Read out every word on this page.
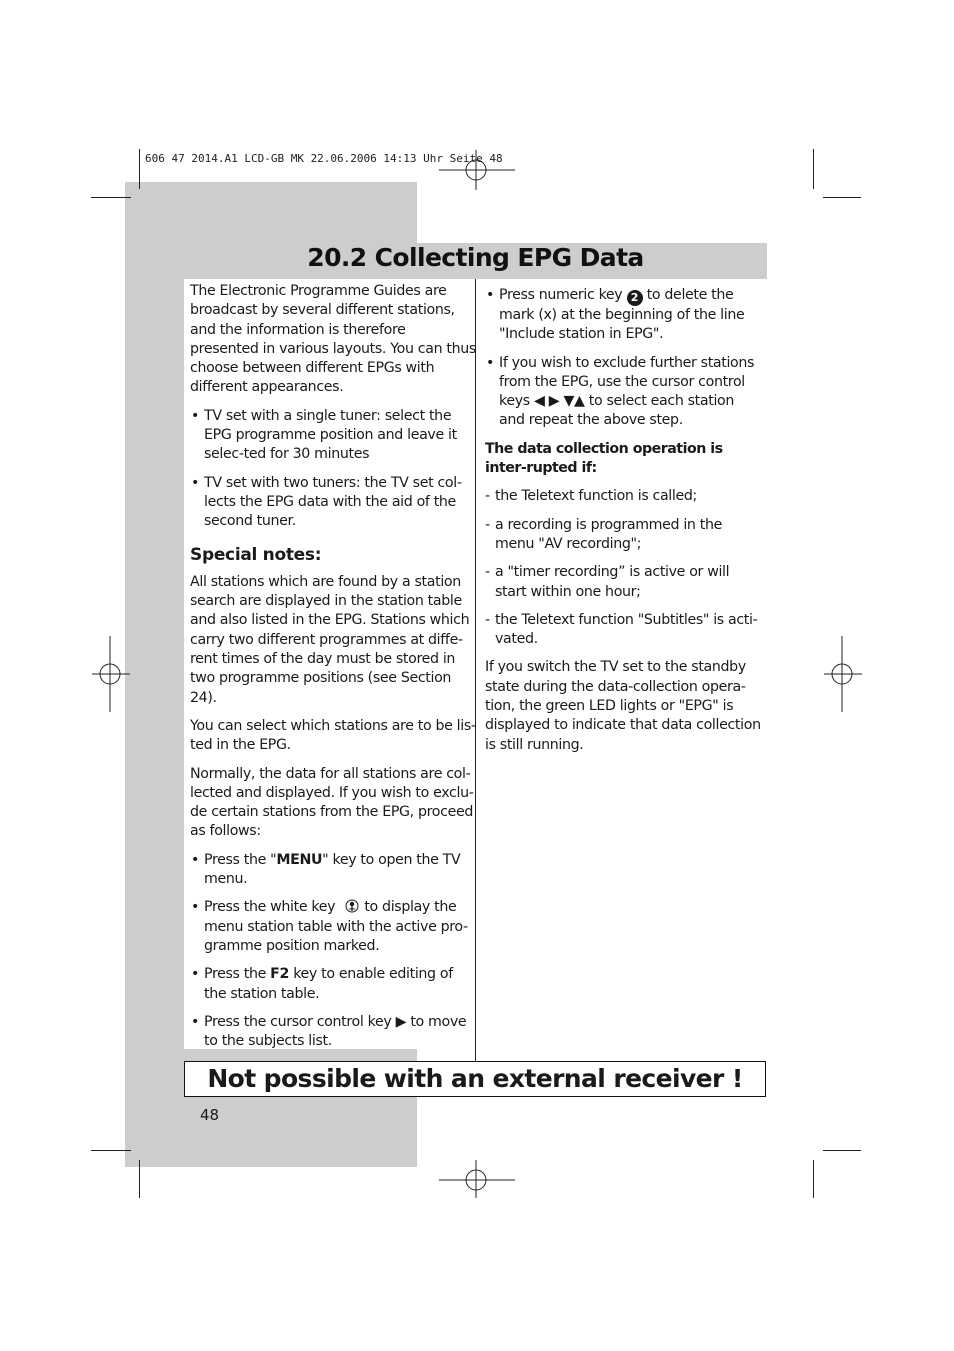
606 47 2014.A1 LCD-GB MK 22.06.2006 14:13 Uhr Seite 48
20.2 Collecting EPG Data

The Electronic Programme Guides are broadcast by several different stations, and the information is therefore presented in various layouts. You can thus choose between different EPGs with different appearances.

• TV set with a single tuner: select the EPG programme position and leave it selec-ted for 30 minutes
• TV set with two tuners: the TV set col-lects the EPG data with the aid of the second tuner.
Special notes:

All stations which are found by a station search are displayed in the station table and also listed in the EPG. Stations which carry two different programmes at diffe-rent times of the day must be stored in two programme positions (see Section 24).

You can select which stations are to be lis-ted in the EPG.

Normally, the data for all stations are col-lected and displayed. If you wish to exclu-de certain stations from the EPG, proceed as follows:

• Press the "MENU" key to open the TV menu.
• Press the white key to display the menu station table with the active pro-gramme position marked.
• Press the F2 key to enable editing of the station table.
• Press the cursor control key ▶ to move to the subjects list.
• Press numeric key 2 to delete the mark (x) at the beginning of the line "Include station in EPG".
• If you wish to exclude further stations from the EPG, use the cursor control keys ◀ ▶ ▼▲ to select each station and repeat the above step.

The data collection operation is inter-rupted if:

- the Teletext function is called;
- a recording is programmed in the menu "AV recording";
- a "timer recording” is active or will start within one hour;
- the Teletext function "Subtitles" is acti-vated.

If you switch the TV set to the standby state during the data-collection opera-tion, the green LED lights or "EPG" is displayed to indicate that data collection is still running.

Not possible with an external receiver !
48
